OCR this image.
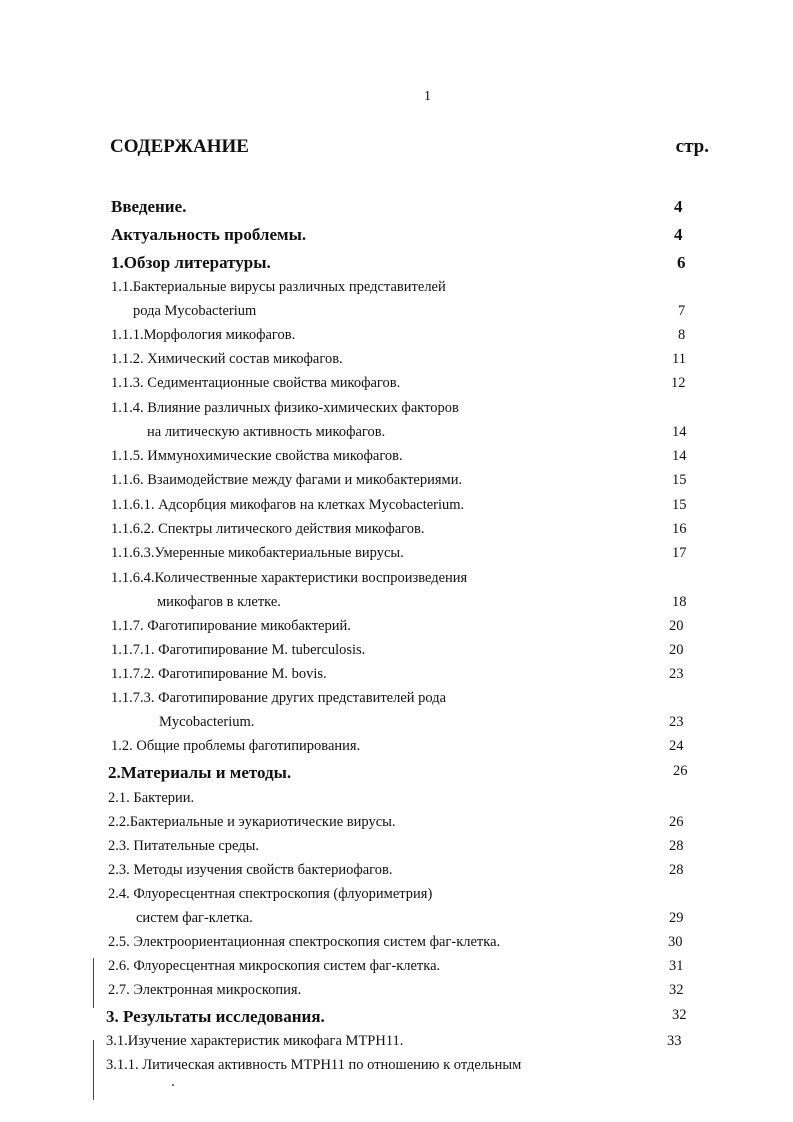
1
СОДЕРЖАНИЕ	стр.
Введение.	4
Актуальность проблемы.	4
1.Обзор литературы.	6
1.1.Бактериальные вирусы различных представителей
рода Mycobacterium	7
1.1.1.Морфология микофагов.	8
1.1.2. Химический состав микофагов.	11
1.1.3. Седиментационные свойства микофагов.	12
1.1.4. Влияние различных физико-химических факторов
на литическую активность микофагов.	14
1.1.5. Иммунохимические свойства микофагов.	14
1.1.6. Взаимодействие между фагами и микобактериями.	15
1.1.6.1. Адсорбция микофагов на клетках Mycobacterium.	15
1.1.6.2. Спектры литического действия микофагов.	16
1.1.6.3.Умеренные микобактериальные вирусы.	17
1.1.6.4.Количественные характеристики воспроизведения
микофагов в клетке.	18
1.1.7. Фаготипирование микобактерий.	20
1.1.7.1. Фаготипирование M. tuberculosis.	20
1.1.7.2. Фаготипирование M. bovis.	23
1.1.7.3. Фаготипирование других представителей рода
Mycobacterium.	23
1.2. Общие проблемы фаготипирования.	24
2.Материалы и методы.	26
2.1. Бактерии.
2.2.Бактериальные и эукариотические вирусы.	26
2.3. Питательные среды.	28
2.3. Методы изучения свойств бактериофагов.	28
2.4. Флуоресцентная спектроскопия (флуориметрия)
систем фаг-клетка.	29
2.5. Электроориентационная спектроскопия систем фаг-клетка.	30
2.6. Флуоресцентная микроскопия систем фаг-клетка.	31
2.7. Электронная микроскопия.	32
3. Результаты исследования.	32
3.1.Изучение характеристик микофага MTPH11.	33
3.1.1. Литическая активность MTPH11 по отношению к отдельным
